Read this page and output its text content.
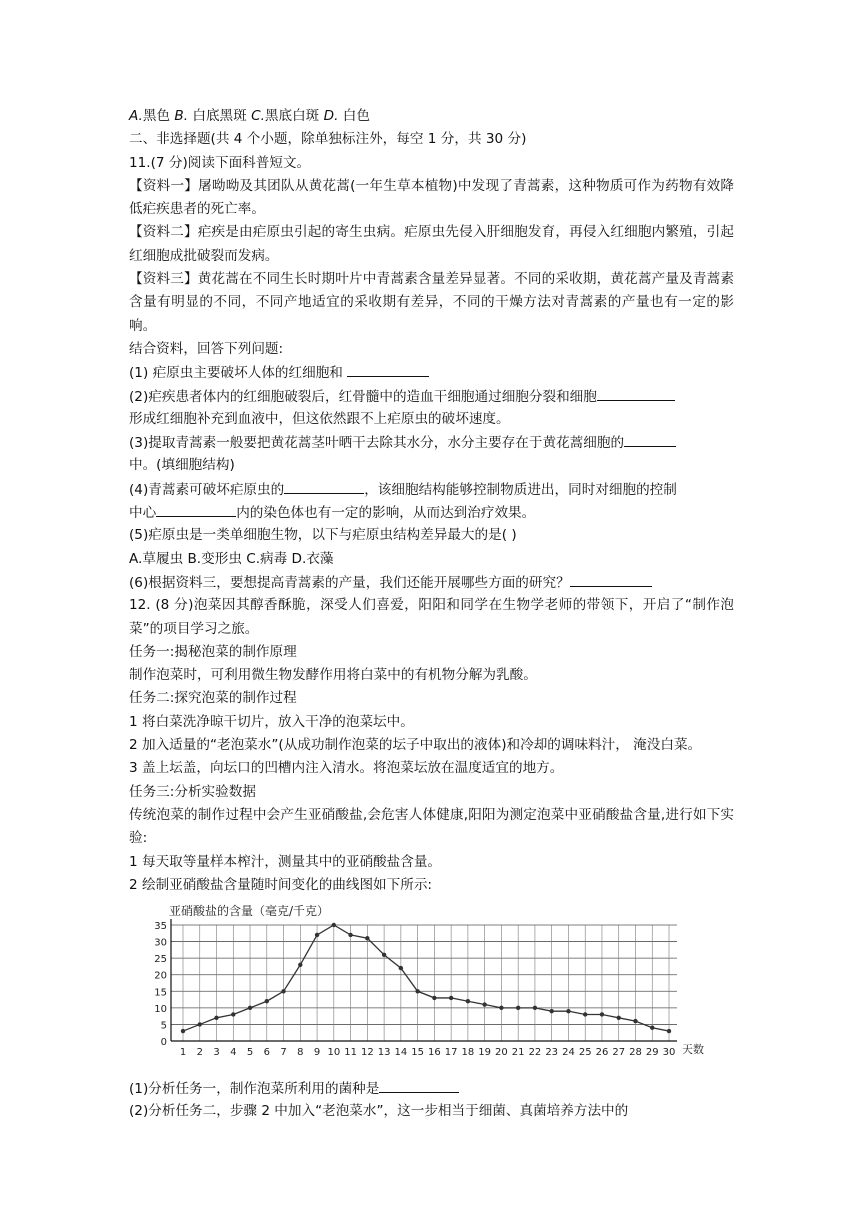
A.黑色 B. 白底黑斑 C.黑底白斑 D. 白色
二、非选择题(共 4 个小题，除单独标注外，每空 1 分，共 30 分)
11.(7 分)阅读下面科普短文。
【资料一】屠呦呦及其团队从黄花蒿(一年生草本植物)中发现了青蒿素，这种物质可作为药物有效降低疟疾患者的死亡率。
【资料二】疟疾是由疟原虫引起的寄生虫病。疟原虫先侵入肝细胞发育，再侵入红细胞内繁殖，引起红细胞成批破裂而发病。
【资料三】黄花蒿在不同生长时期叶片中青蒿素含量差异显著。不同的采收期，黄花蒿产量及青蒿素含量有明显的不同，不同产地适宜的采收期有差异，不同的干燥方法对青蒿素的产量也有一定的影响。
结合资料，回答下列问题:
(1) 疟原虫主要破坏人体的红细胞和
(2)疟疾患者体内的红细胞破裂后，红骨髓中的造血干细胞通过细胞分裂和细胞
形成红细胞补充到血液中，但这依然跟不上疟原虫的破坏速度。
(3)提取青蒿素一般要把黄花蒿茎叶晒干去除其水分，水分主要存在于黄花蒿细胞的
中。(填细胞结构)
(4)青蒿素可破坏疟原虫的	，该细胞结构能够控制物质进出，同时对细胞的控制
中心	内的染色体也有一定的影响，从而达到治疗效果。
(5)疟原虫是一类单细胞生物，以下与疟原虫结构差异最大的是( )
A.草履虫 B.变形虫 C.病毒 D.衣藻
(6)根据资料三，要想提高青蒿素的产量，我们还能开展哪些方面的研究？
12. (8 分)泡菜因其醇香酥脆，深受人们喜爱，阳阳和同学在生物学老师的带领下，开启了“制作泡菜”的项目学习之旅。
任务一:揭秘泡菜的制作原理
制作泡菜时，可利用微生物发酵作用将白菜中的有机物分解为乳酸。
任务二:探究泡菜的制作过程
1 将白菜洗净晾干切片，放入干净的泡菜坛中。
2 加入适量的“老泡菜水”(从成功制作泡菜的坛子中取出的液体)和冷却的调味料汁， 淹没白菜。
3 盖上坛盖，向坛口的凹槽内注入清水。将泡菜坛放在温度适宜的地方。
任务三:分析实验数据
传统泡菜的制作过程中会产生亚硝酸盐,会危害人体健康,阳阳为测定泡菜中亚硝酸盐含量,进行如下实验:
1 每天取等量样本榨汁，测量其中的亚硝酸盐含量。
2 绘制亚硝酸盐含量随时间变化的曲线图如下所示:
亚硝酸盐的含量（毫克/千克）
天数
0
5
10
15
20
25
30
35
1 2 3 4 5 6 7 8 9 10 11 12 13 14 15 16 17 18 19 20 21 22 23 24 25 26 27 28 29 30
(1)分析任务一，制作泡菜所利用的菌种是
(2)分析任务二，步骤 2 中加入“老泡菜水”，这一步相当于细菌、真菌培养方法中的
